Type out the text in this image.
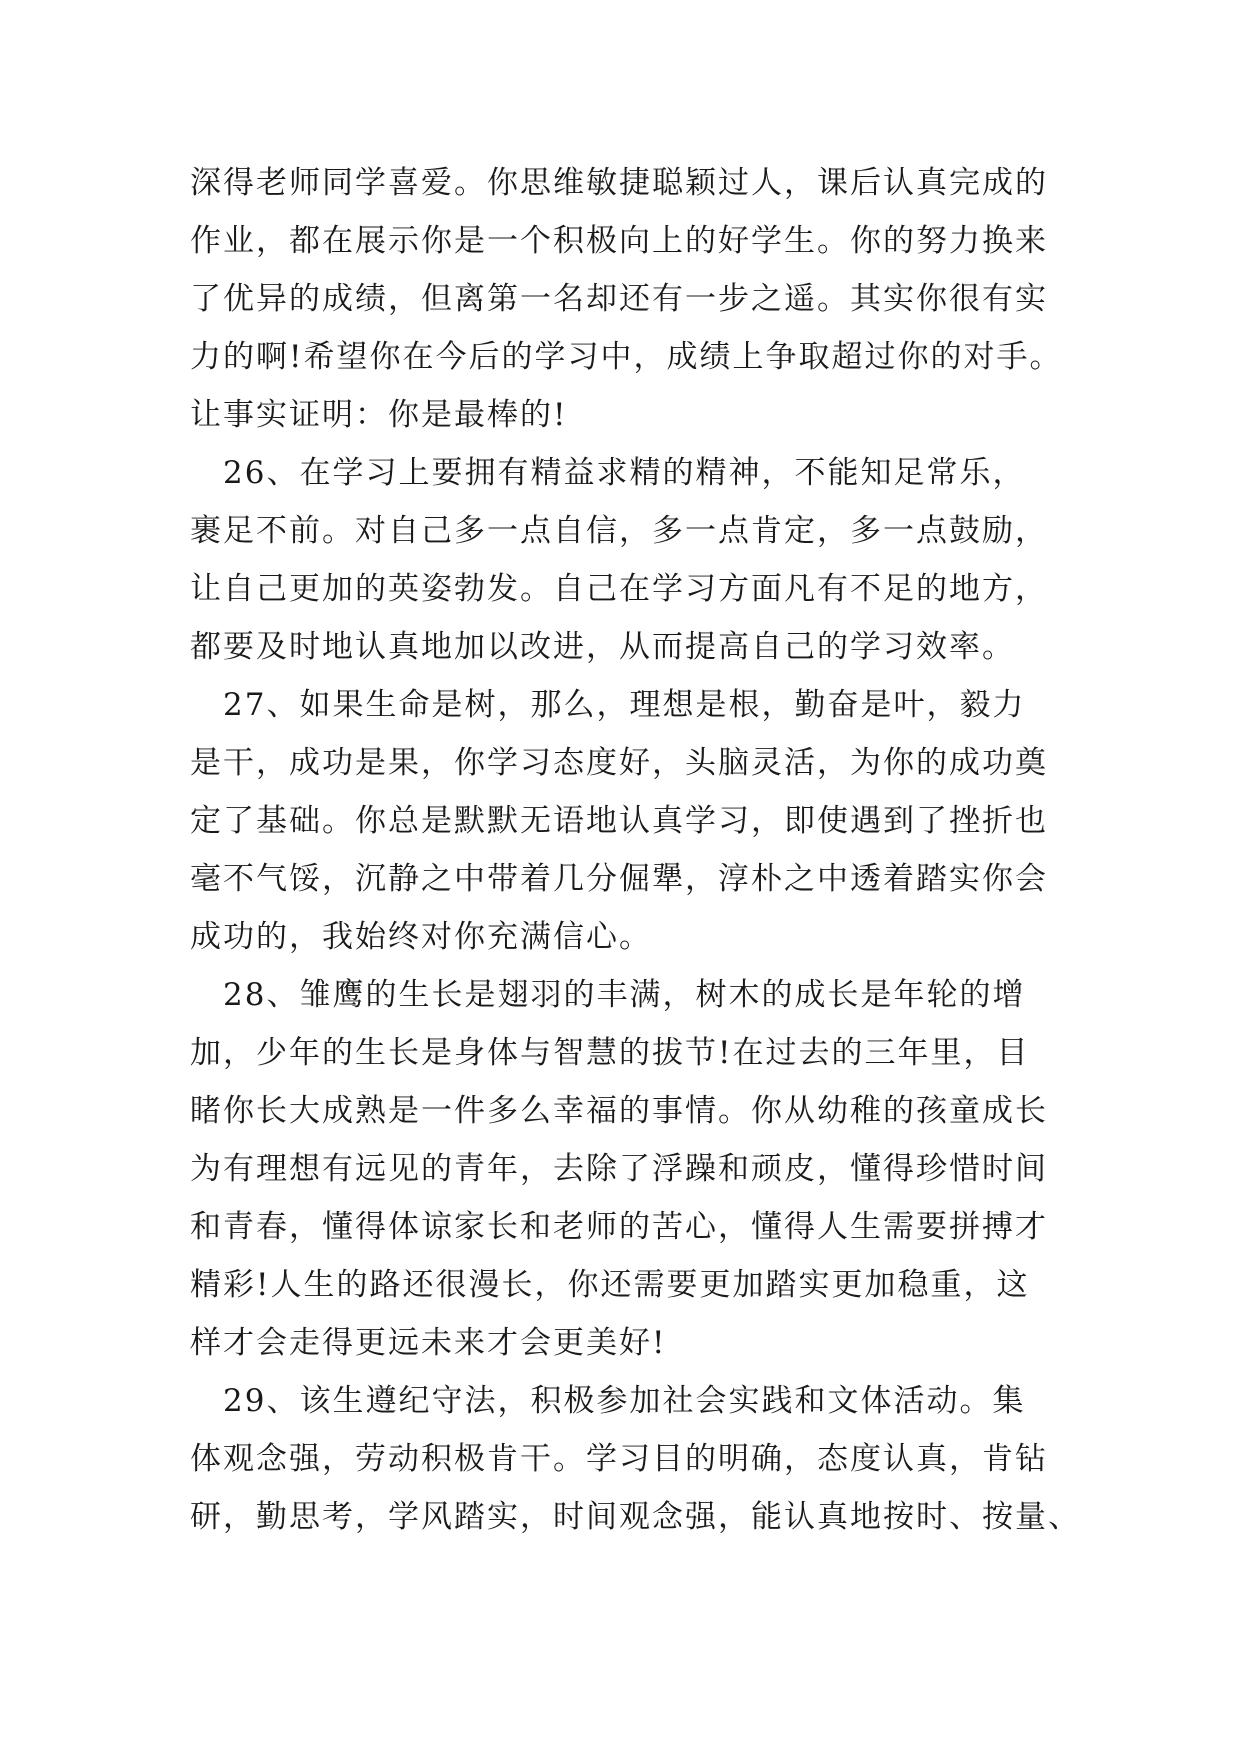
深得老师同学喜爱。你思维敏捷聪颖过人，课后认真完成的
作业，都在展示你是一个积极向上的好学生。你的努力换来
了优异的成绩，但离第一名却还有一步之遥。其实你很有实
力的啊!希望你在今后的学习中，成绩上争取超过你的对手。
让事实证明：你是最棒的!
　26、在学习上要拥有精益求精的精神，不能知足常乐，
裹足不前。对自己多一点自信，多一点肯定，多一点鼓励，
让自己更加的英姿勃发。自己在学习方面凡有不足的地方，
都要及时地认真地加以改进，从而提高自己的学习效率。
　27、如果生命是树，那么，理想是根，勤奋是叶，毅力
是干，成功是果，你学习态度好，头脑灵活，为你的成功奠
定了基础。你总是默默无语地认真学习，即使遇到了挫折也
毫不气馁，沉静之中带着几分倔犟，淳朴之中透着踏实你会
成功的，我始终对你充满信心。
　28、雏鹰的生长是翅羽的丰满，树木的成长是年轮的增
加，少年的生长是身体与智慧的拔节!在过去的三年里，目
睹你长大成熟是一件多么幸福的事情。你从幼稚的孩童成长
为有理想有远见的青年，去除了浮躁和顽皮，懂得珍惜时间
和青春，懂得体谅家长和老师的苦心，懂得人生需要拼搏才
精彩!人生的路还很漫长，你还需要更加踏实更加稳重，这
样才会走得更远未来才会更美好!
　29、该生遵纪守法，积极参加社会实践和文体活动。集
体观念强，劳动积极肯干。学习目的明确，态度认真，肯钻
研，勤思考，学风踏实，时间观念强，能认真地按时、按量、
